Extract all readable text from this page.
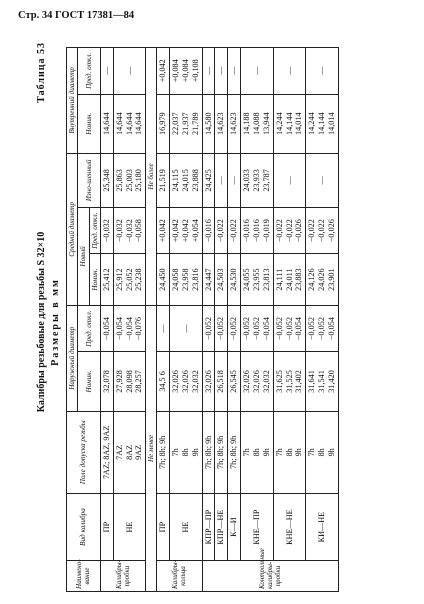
Стр. 34 ГОСТ 17381—84
Калибры резьбовые для резьбы S 32×10 Размеры в мм
Таблица 53
Наимено-вание	Вид калибра	Поле допуска резьбы	Наружный диаметр		Средний диаметр			Внутренний диаметр	
			Номин.	Пред. откл.	Новый		Изно-шенный	Номин.	Пред. откл.
					Номин.	Пред. откл.			
Калибры-пробки	ПР	7AZ; 8AZ, 9AZ	32,078	−0,054	25,412	−0,032	25,348	14,644	—

	НЕ	7AZ 8AZ 9AZ	27,928 28,098 28,257	−0,054 −0,054 −0,076	25,912 25,052 25,238	−0,032 −0,032 −0,058	25,863 25,003 25,180	14,644 14,644 14,644	—

Не менее					Не более				
Калибры-кольца	ПР	7h; 8h; 9h	34,5 6	—	24,450	+0,042	21,519	16,979	+0,042

	НЕ	7h 8h 9h	32,026 32,026 32,032	—	24,058 23,958 23,816	+0,042 +0,042 +0,054	24,115 24,015 23,888	22,037 21,937 21,789	+0,084 +0,084 +0,108

Контрольные калибры-пробки	КПР—ПР	7h; 8h; 9h	32,026	−0,052	24,447	−0,016	24,425	14,580	—

	КПР—НЕ	7h; 8h; 9h	26,518	−0,052	24,503	−0,022	—	14,623	—

	К—И	7h; 8h; 9h	26,545	−0,052	24,530	−0,022	—	14,623	—

	КНЕ—ПР	7h 8h 9h	32,026 32,026 32,032	−0,052 −0,052 −0,054	24,055 23,955 23,813	−0,016 −0,016 −0,019	24,033 23,933 23,787	14,188 14,088 13,944	—

	КНЕ—НЕ	7h 8h 9h	31,625 31,525 31,402	−0,052 −0,052 −0,054	24,111 24,011 23,883	−0,022 −0,022 −0,026	—	14,244 14,144 14,014	—

	КИ—НЕ	7h 8h 9h	31,641 31,541 31,420	−0,052 −0,052 −0,054	24,126 24,026 23,901	−0,022 −0,022 −0,026	—	14,244 14,144 14,014	—
